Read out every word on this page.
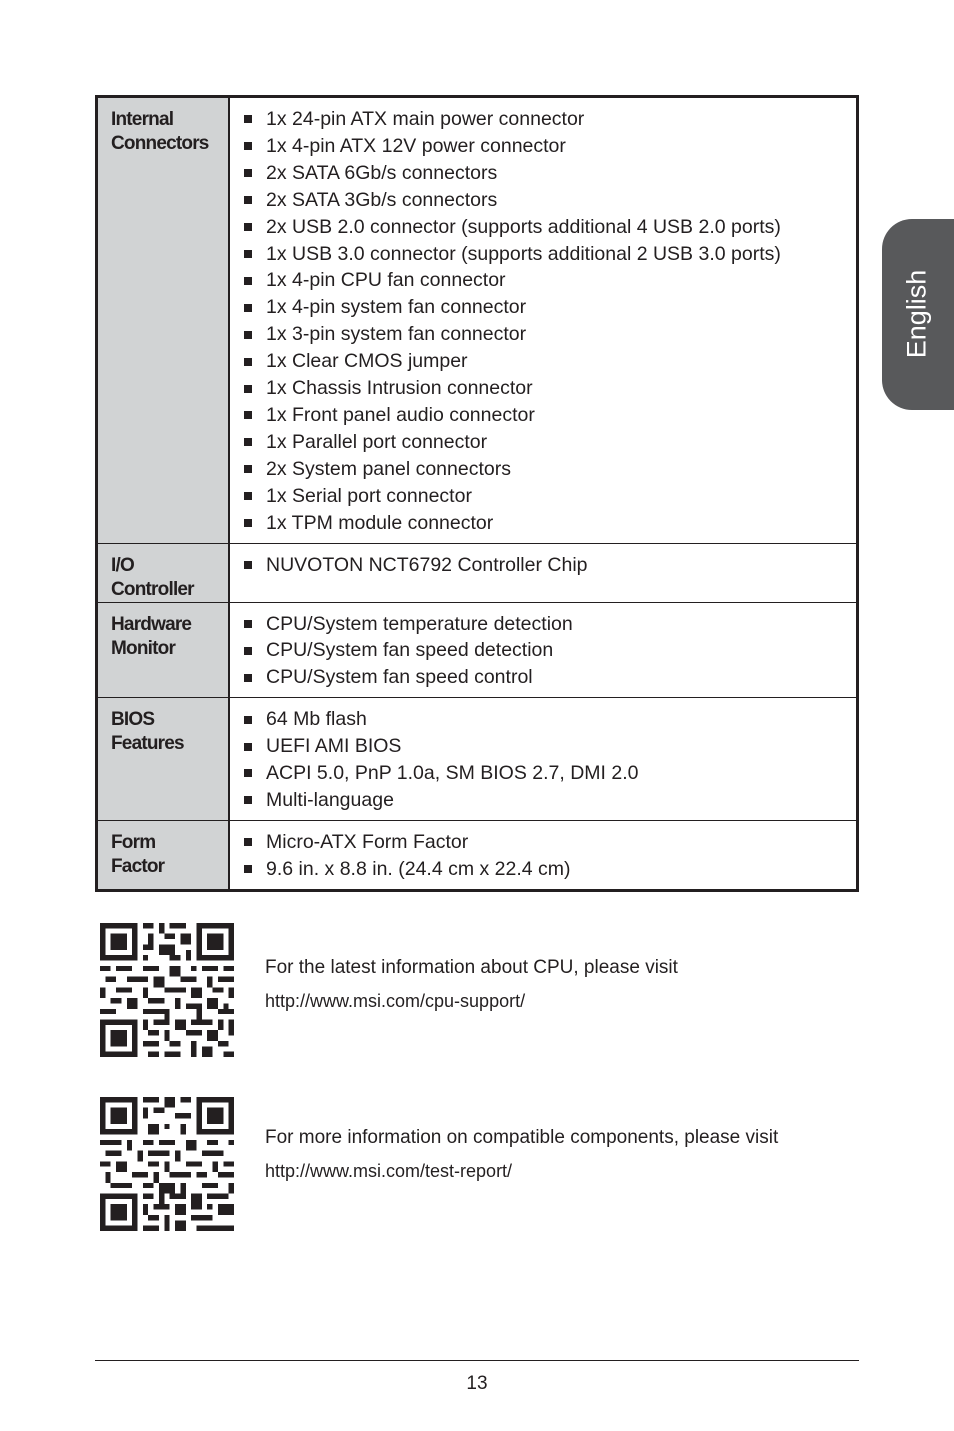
English
Internal
Connectors
1x 24-pin ATX main power connector
1x 4-pin ATX 12V power connector
2x SATA 6Gb/s connectors
2x SATA 3Gb/s connectors
2x USB 2.0 connector (supports additional 4 USB 2.0 ports)
1x USB 3.0 connector (supports additional 2 USB 3.0 ports)
1x 4-pin CPU fan connector
1x 4-pin system fan connector
1x 3-pin system fan connector
1x Clear CMOS jumper
1x Chassis Intrusion connector
1x Front panel audio connector
1x Parallel port connector
2x System panel connectors
1x Serial port connector
1x TPM module connector
I/O
Controller
NUVOTON NCT6792 Controller Chip
Hardware
Monitor
CPU/System temperature detection
CPU/System fan speed detection
CPU/System fan speed control
BIOS
Features
64 Mb flash
UEFI AMI BIOS
ACPI 5.0, PnP 1.0a, SM BIOS 2.7, DMI 2.0
Multi-language
Form
Factor
Micro-ATX Form Factor
9.6 in. x 8.8 in. (24.4 cm x 22.4 cm)
For the latest information about CPU, please visit
http://www.msi.com/cpu-support/
For more information on compatible components, please visit
http://www.msi.com/test-report/
13
